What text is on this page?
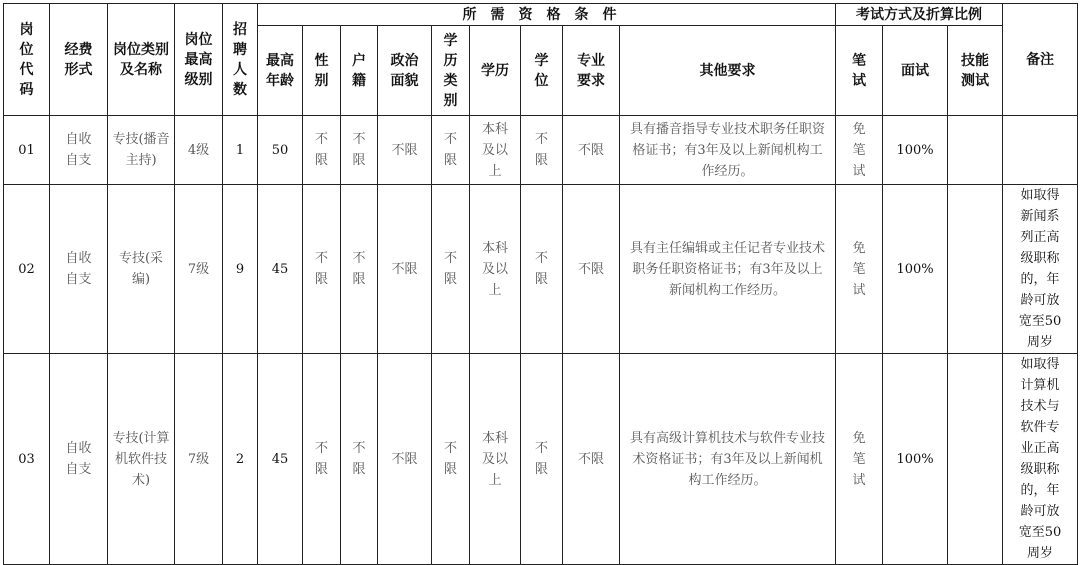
岗位代码	经费形式	岗位类别及名称	岗位最高级别	招聘人数	所需资格条件									考试方式及折算比例			备注
					最高年龄	性别	户籍	政治面貌	学历类别	学历	学位	专业要求	其他要求	笔试	面试	技能测试	
01	自收自支	专技(播音主持)	4级	1	50	不限	不限	不限	不限	本科及以上	不限	不限	具有播音指导专业技术职务任职资格证书；有3年及以上新闻机构工作经历。	免笔试	100%		
02	自收自支	专技(采编)	7级	9	45	不限	不限	不限	不限	本科及以上	不限	不限	具有主任编辑或主任记者专业技术职务任职资格证书；有3年及以上新闻机构工作经历。	免笔试	100%		如取得新闻系列正高级职称的，年龄可放宽至50周岁
03	自收自支	专技(计算机软件技术)	7级	2	45	不限	不限	不限	不限	本科及以上	不限	不限	具有高级计算机技术与软件专业技术资格证书；有3年及以上新闻机构工作经历。	免笔试	100%		如取得计算机技术与软件专业正高级职称的，年龄可放宽至50周岁
